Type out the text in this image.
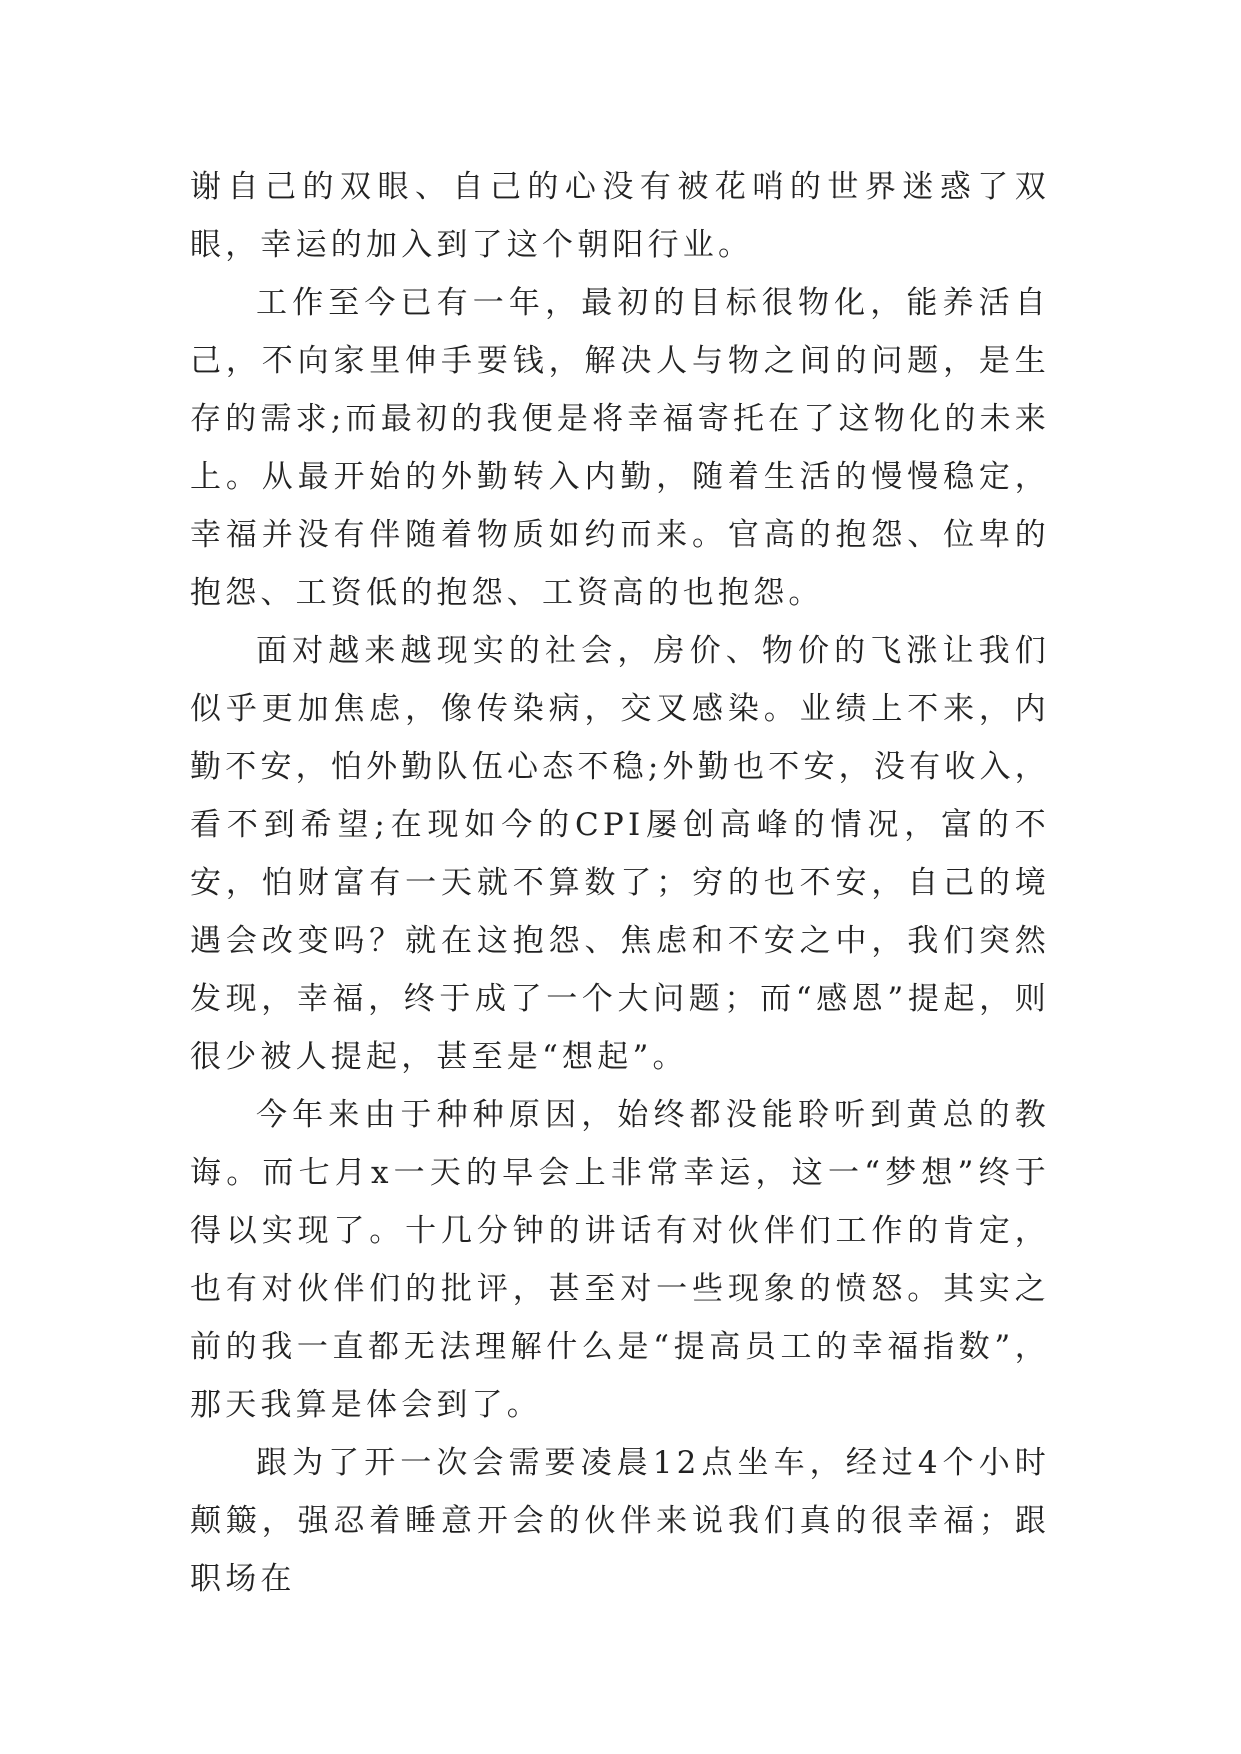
谢自己的双眼、自己的心没有被花哨的世界迷惑了双眼，幸运的加入到了这个朝阳行业。

工作至今已有一年，最初的目标很物化，能养活自己，不向家里伸手要钱，解决人与物之间的问题，是生存的需求;而最初的我便是将幸福寄托在了这物化的未来上。从最开始的外勤转入内勤，随着生活的慢慢稳定，幸福并没有伴随着物质如约而来。官高的抱怨、位卑的抱怨、工资低的抱怨、工资高的也抱怨。

面对越来越现实的社会，房价、物价的飞涨让我们似乎更加焦虑，像传染病，交叉感染。业绩上不来，内勤不安，怕外勤队伍心态不稳;外勤也不安，没有收入，看不到希望;在现如今的CPI屡创高峰的情况，富的不安，怕财富有一天就不算数了；穷的也不安，自己的境遇会改变吗？就在这抱怨、焦虑和不安之中，我们突然发现，幸福，终于成了一个大问题；而“感恩”提起，则很少被人提起，甚至是“想起”。

今年来由于种种原因，始终都没能聆听到黄总的教诲。而七月x一天的早会上非常幸运，这一“梦想”终于得以实现了。十几分钟的讲话有对伙伴们工作的肯定，也有对伙伴们的批评，甚至对一些现象的愤怒。其实之前的我一直都无法理解什么是“提高员工的幸福指数”，那天我算是体会到了。

跟为了开一次会需要凌晨12点坐车，经过4个小时颠簸，强忍着睡意开会的伙伴来说我们真的很幸福；跟职场在
